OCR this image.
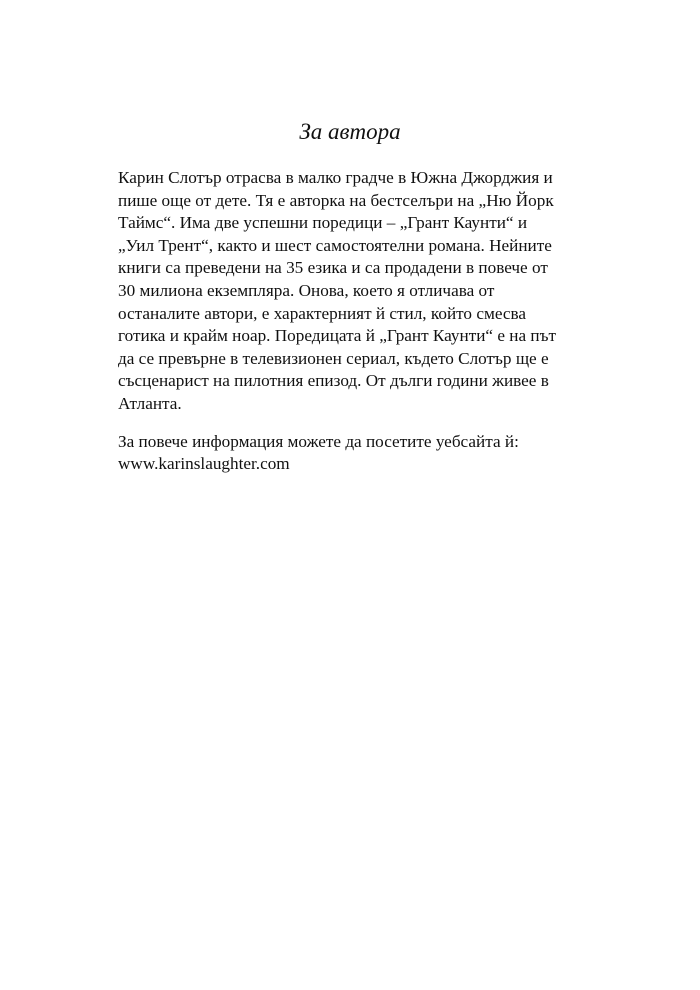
За автора

Карин Слотър отрасва в малко градче в Южна Джорджия и
пише още от дете. Тя е авторка на бестселъри на „Ню Йорк
Таймс“. Има две успешни поредици – „Грант Каунти“ и
„Уил Трент“, както и шест самостоятелни романа. Нейните
книги са преведени на 35 езика и са продадени в повече от
30 милиона екземпляра. Онова, което я отличава от
останалите автори, е характерният й стил, който смесва
готика и крайм ноар. Поредицата й „Грант Каунти“ е на път
да се превърне в телевизионен сериал, където Слотър ще е
съсценарист на пилотния епизод. От дълги години живее в
Атланта.

За повече информация можете да посетите уебсайта й:
www.karinslaughter.com
